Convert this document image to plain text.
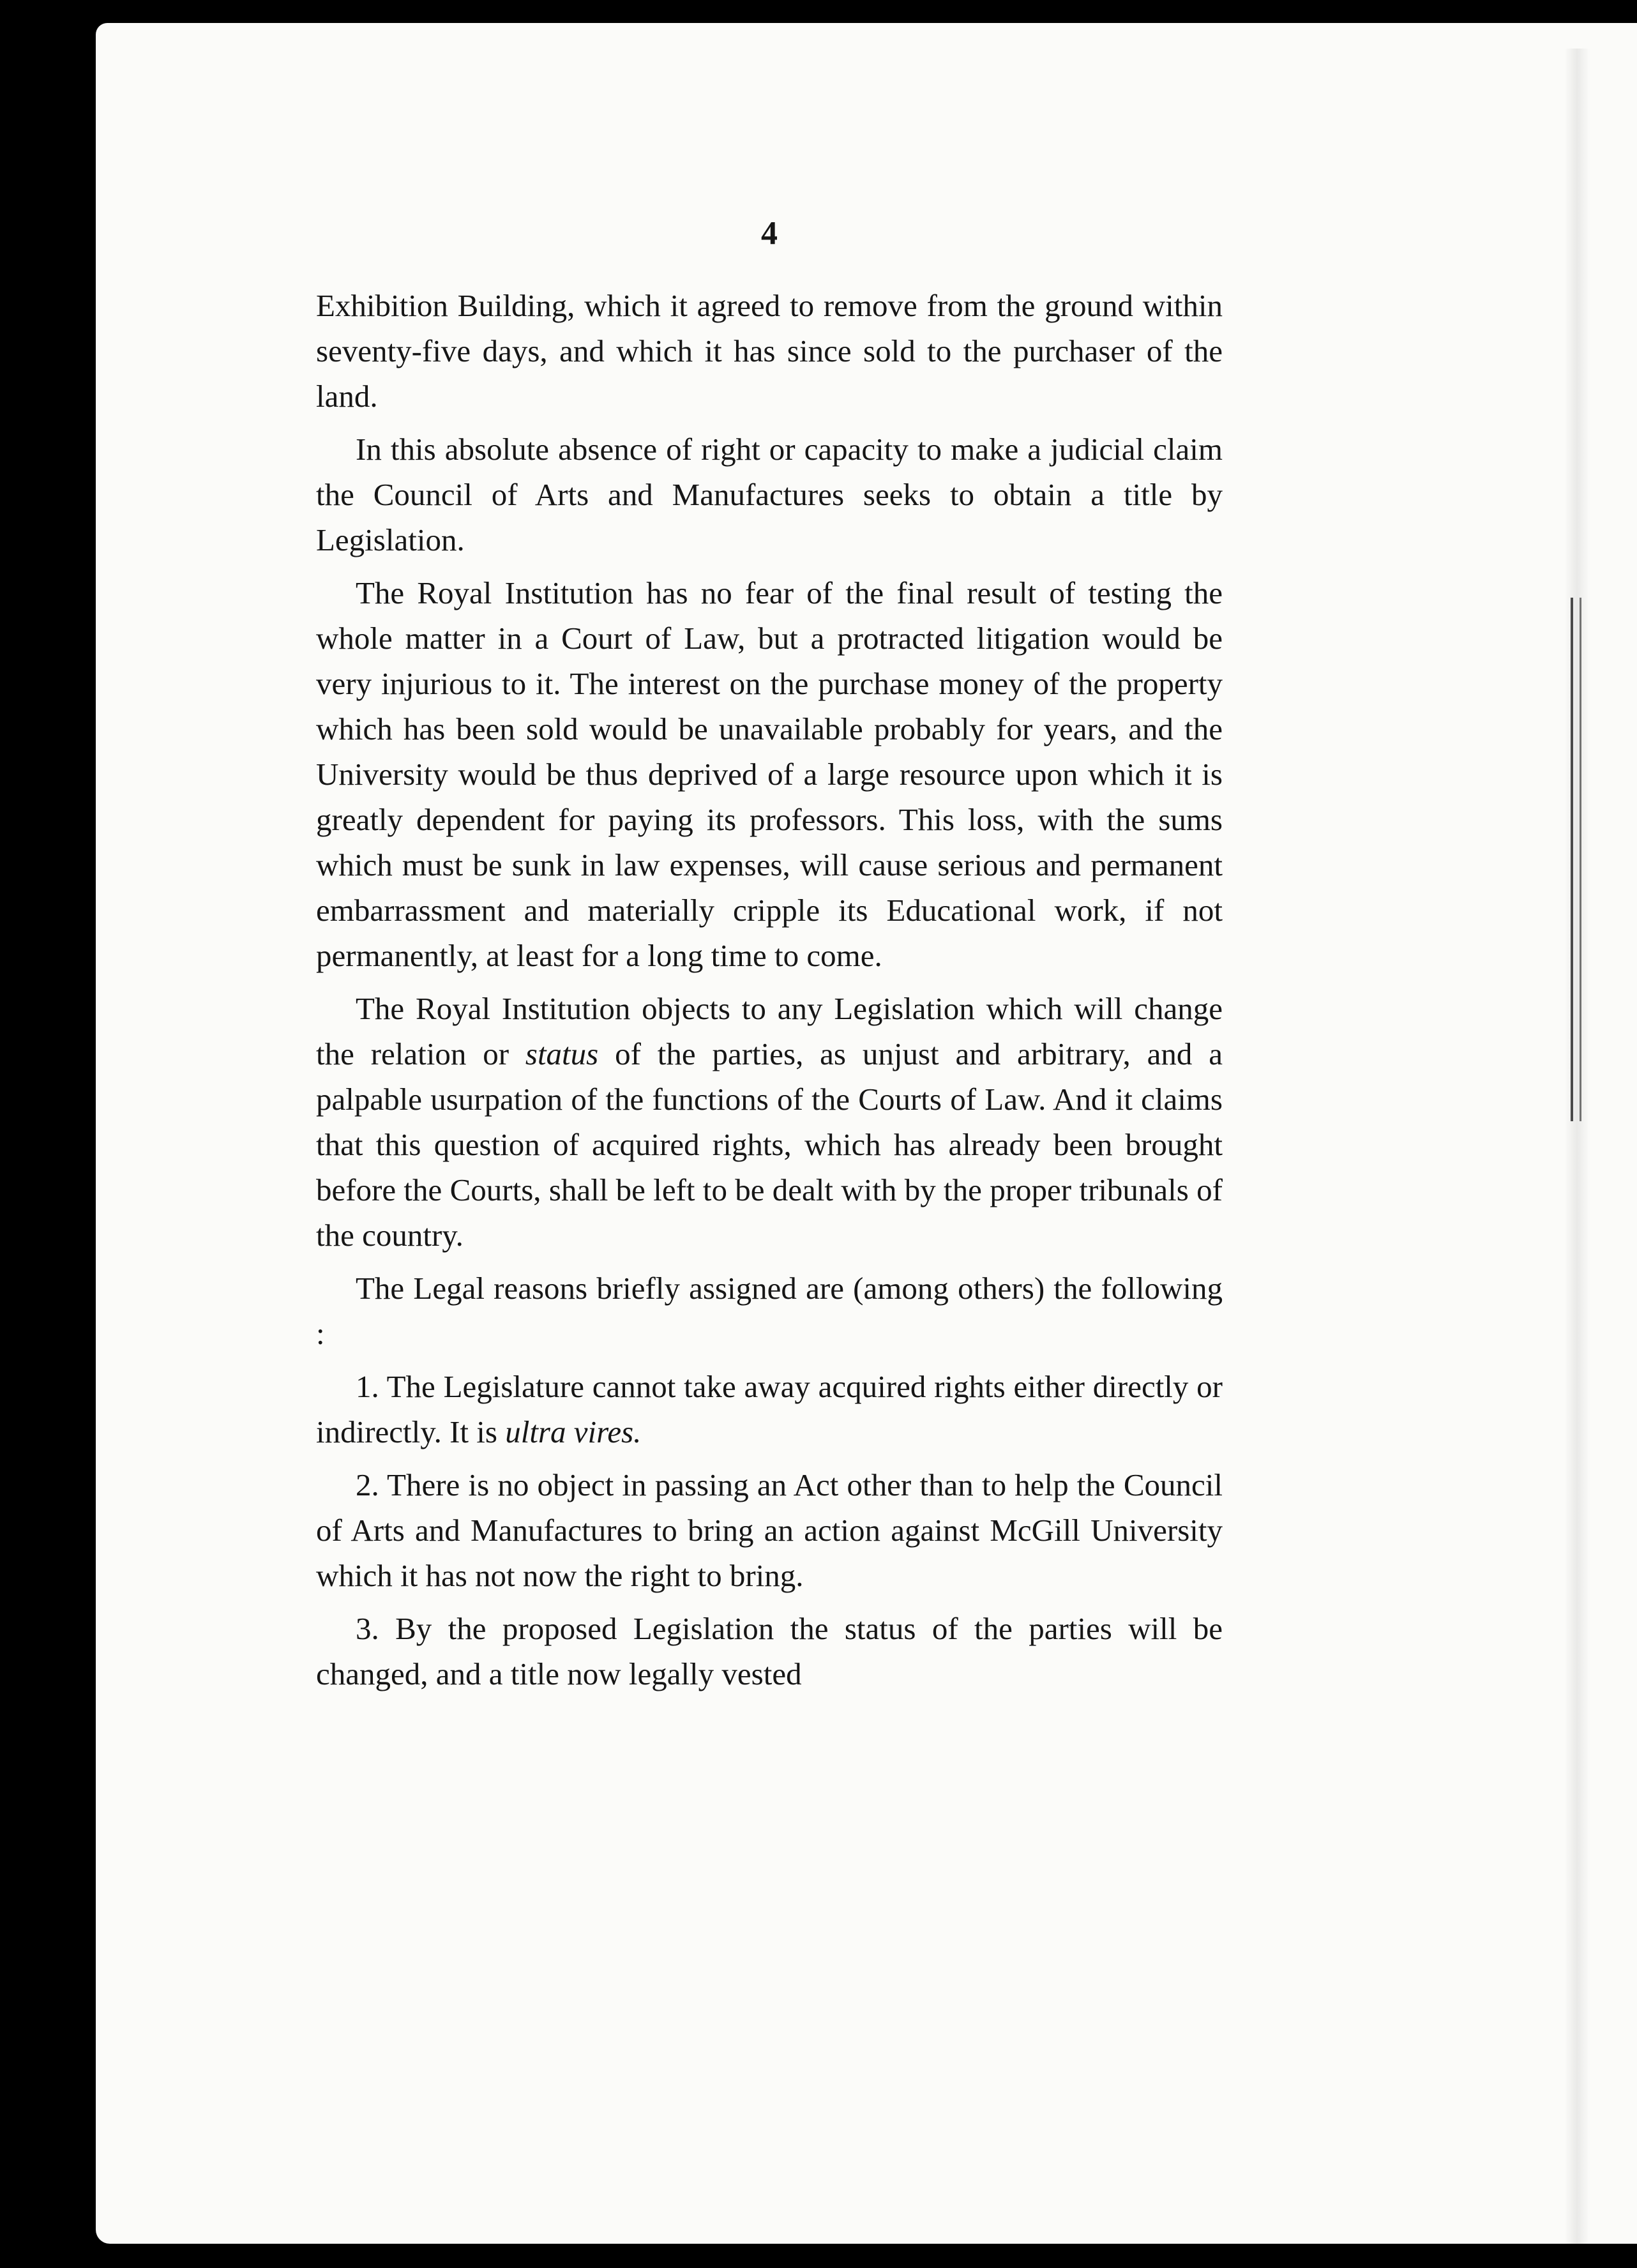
4

Exhibition Building, which it agreed to remove from the ground within seventy-five days, and which it has since sold to the purchaser of the land.

In this absolute absence of right or capacity to make a judicial claim the Council of Arts and Manufactures seeks to obtain a title by Legislation.

The Royal Institution has no fear of the final result of testing the whole matter in a Court of Law, but a protracted litigation would be very injurious to it. The interest on the purchase money of the property which has been sold would be unavailable probably for years, and the University would be thus deprived of a large resource upon which it is greatly dependent for paying its professors. This loss, with the sums which must be sunk in law expenses, will cause serious and permanent embarrassment and materially cripple its Educational work, if not permanently, at least for a long time to come.

The Royal Institution objects to any Legislation which will change the relation or status of the parties, as unjust and arbitrary, and a palpable usurpation of the functions of the Courts of Law. And it claims that this question of acquired rights, which has already been brought before the Courts, shall be left to be dealt with by the proper tribunals of the country.

The Legal reasons briefly assigned are (among others) the following :

1. The Legislature cannot take away acquired rights either directly or indirectly. It is ultra vires.

2. There is no object in passing an Act other than to help the Council of Arts and Manufactures to bring an action against McGill University which it has not now the right to bring.

3. By the proposed Legislation the status of the parties will be changed, and a title now legally vested
